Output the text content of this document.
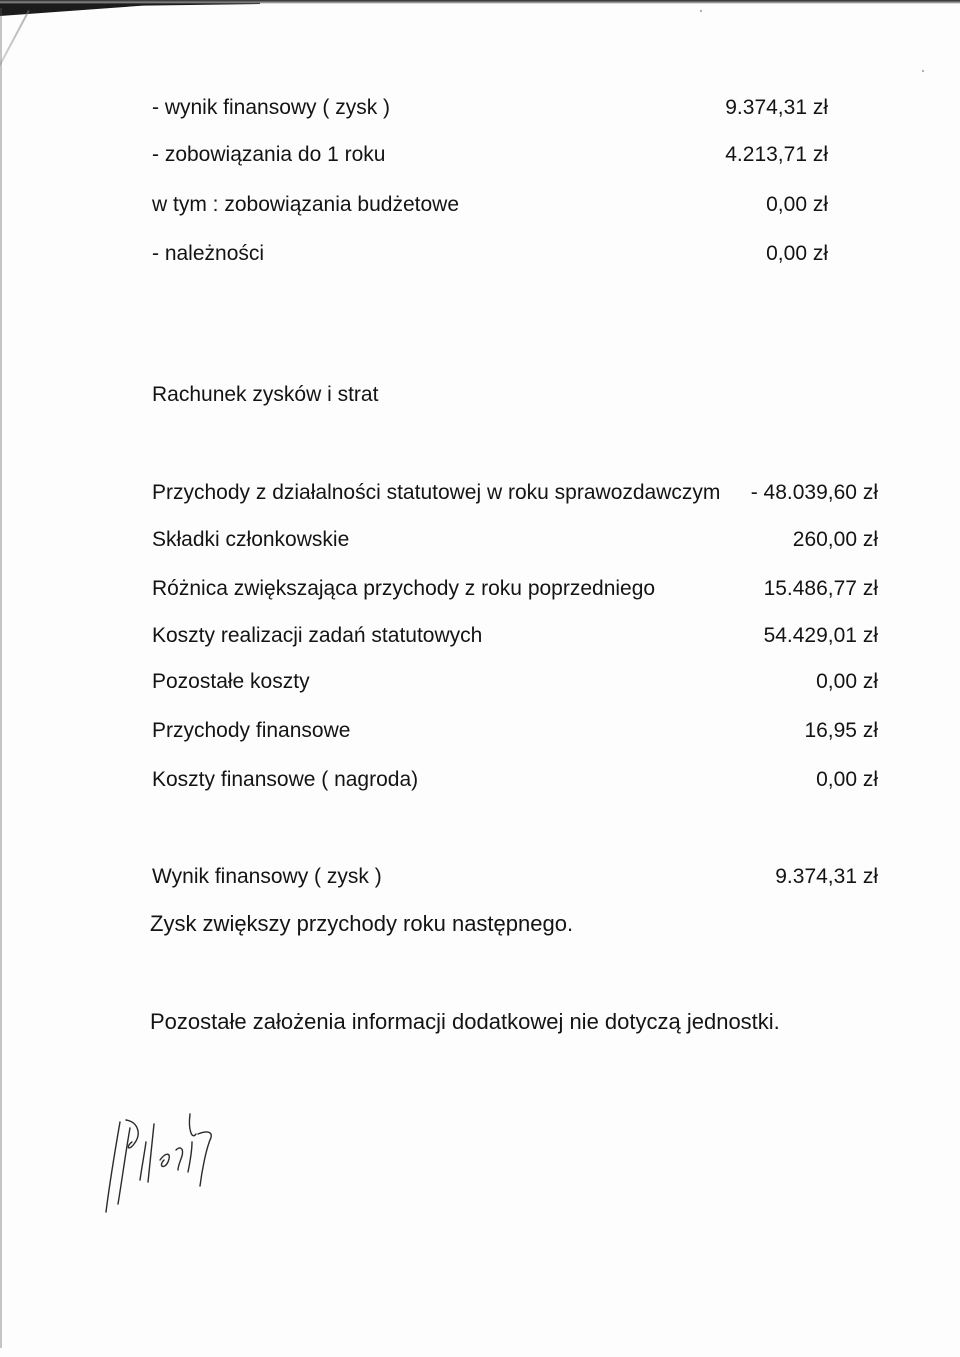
- wynik finansowy ( zysk )	9.374,31 zł
- zobowiązania do 1 roku	4.213,71 zł
w tym : zobowiązania budżetowe	0,00 zł
- należności	0,00 zł
Rachunek zysków i strat
Przychody z działalności statutowej w roku sprawozdawczym - 48.039,60 zł
Składki członkowskie	260,00 zł
Różnica zwiększająca przychody z roku poprzedniego	15.486,77 zł
Koszty realizacji zadań statutowych	54.429,01 zł
Pozostałe koszty	0,00 zł
Przychody finansowe	16,95 zł
Koszty finansowe ( nagroda)	0,00 zł
Wynik finansowy ( zysk )	9.374,31 zł
Zysk zwiększy przychody roku następnego.
Pozostałe założenia informacji dodatkowej nie dotyczą jednostki.
